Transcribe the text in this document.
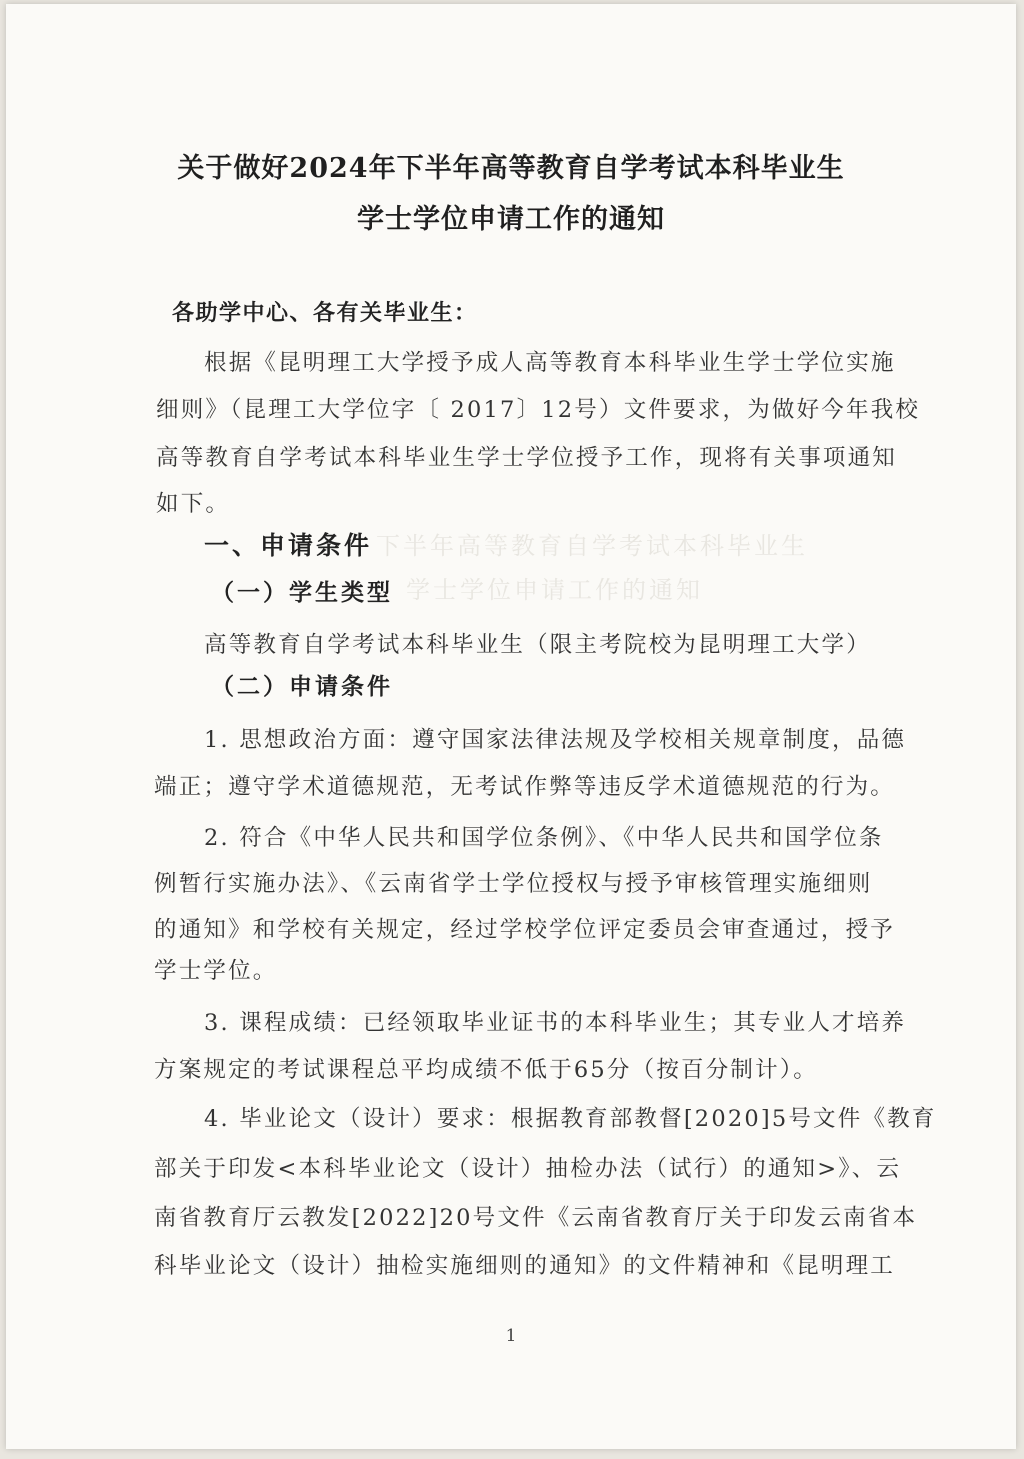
下半年高等教育自学考试本科毕业生
学士学位申请工作的通知
关于做好2024年下半年高等教育自学考试本科毕业生
学士学位申请工作的通知
各助学中心、各有关毕业生：
根据《昆明理工大学授予成人高等教育本科毕业生学士学位实施
细则》（昆理工大学位字〔 2017〕12号）文件要求，为做好今年我校
高等教育自学考试本科毕业生学士学位授予工作，现将有关事项通知
如下。
一、申请条件
（一）学生类型
高等教育自学考试本科毕业生（限主考院校为昆明理工大学）
（二）申请条件
1. 思想政治方面：遵守国家法律法规及学校相关规章制度，品德
端正；遵守学术道德规范，无考试作弊等违反学术道德规范的行为。
2. 符合《中华人民共和国学位条例》、《中华人民共和国学位条
例暂行实施办法》、《云南省学士学位授权与授予审核管理实施细则
的通知》和学校有关规定，经过学校学位评定委员会审查通过，授予
学士学位。
3. 课程成绩：已经领取毕业证书的本科毕业生；其专业人才培养
方案规定的考试课程总平均成绩不低于65分（按百分制计）。
4. 毕业论文（设计）要求：根据教育部教督[2020]5号文件《教育
部关于印发<本科毕业论文（设计）抽检办法（试行）的通知>》、云
南省教育厅云教发[2022]20号文件《云南省教育厅关于印发云南省本
科毕业论文（设计）抽检实施细则的通知》的文件精神和《昆明理工
1
